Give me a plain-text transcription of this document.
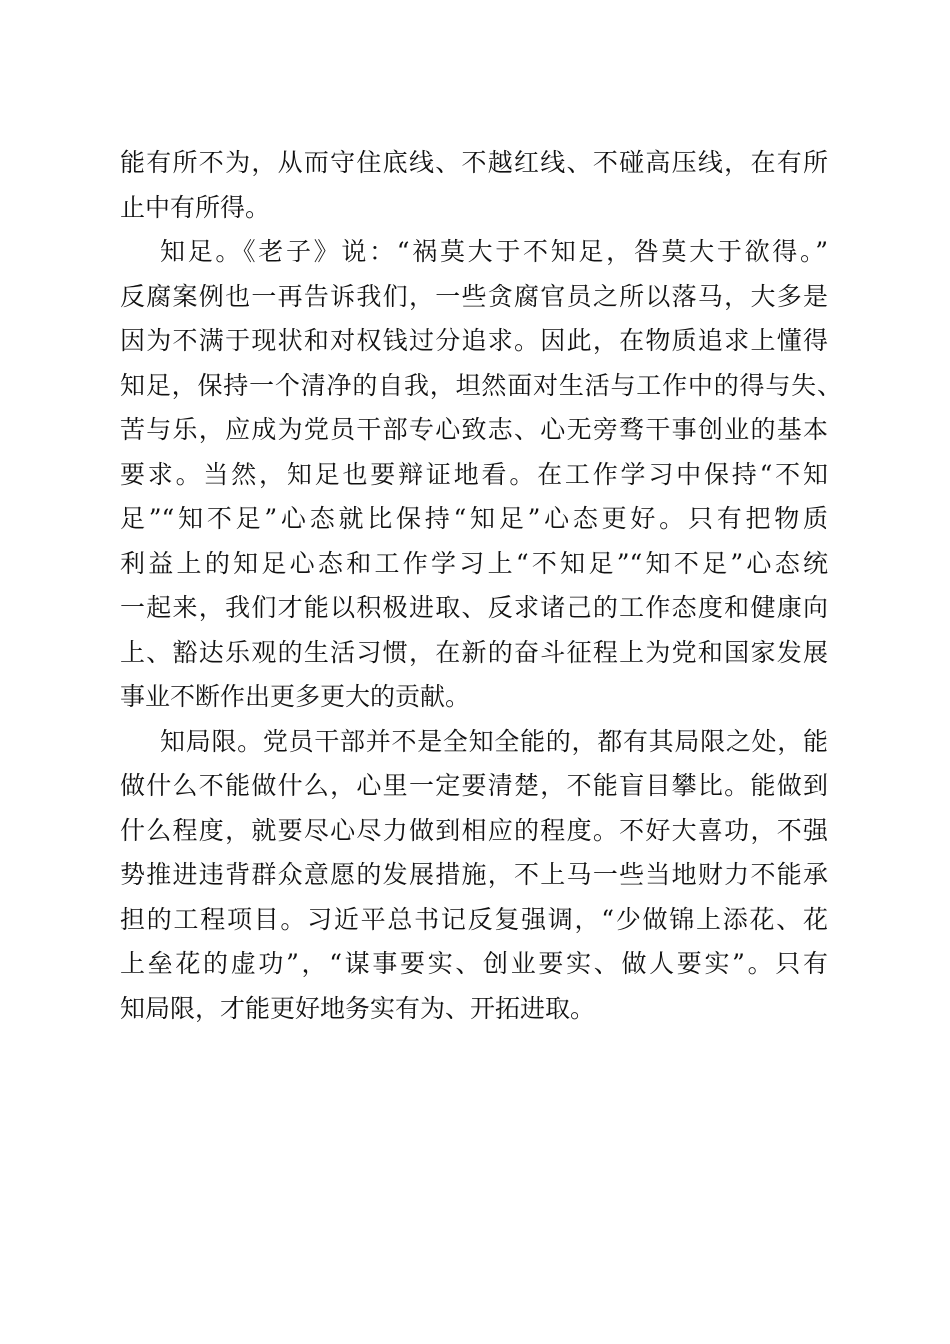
能有所不为，从而守住底线、不越红线、不碰高压线，在有所
止中有所得。
知足。《老子》说：“祸莫大于不知足，咎莫大于欲得。”
反腐案例也一再告诉我们，一些贪腐官员之所以落马，大多是
因为不满于现状和对权钱过分追求。因此，在物质追求上懂得
知足，保持一个清净的自我，坦然面对生活与工作中的得与失、
苦与乐，应成为党员干部专心致志、心无旁骛干事创业的基本
要求。当然，知足也要辩证地看。在工作学习中保持“不知
足”“知不足”心态就比保持“知足”心态更好。只有把物质
利益上的知足心态和工作学习上“不知足”“知不足”心态统
一起来，我们才能以积极进取、反求诸己的工作态度和健康向
上、豁达乐观的生活习惯，在新的奋斗征程上为党和国家发展
事业不断作出更多更大的贡献。
知局限。党员干部并不是全知全能的，都有其局限之处，能
做什么不能做什么，心里一定要清楚，不能盲目攀比。能做到
什么程度，就要尽心尽力做到相应的程度。不好大喜功，不强
势推进违背群众意愿的发展措施，不上马一些当地财力不能承
担的工程项目。习近平总书记反复强调，“少做锦上添花、花
上垒花的虚功”，“谋事要实、创业要实、做人要实”。只有
知局限，才能更好地务实有为、开拓进取。
